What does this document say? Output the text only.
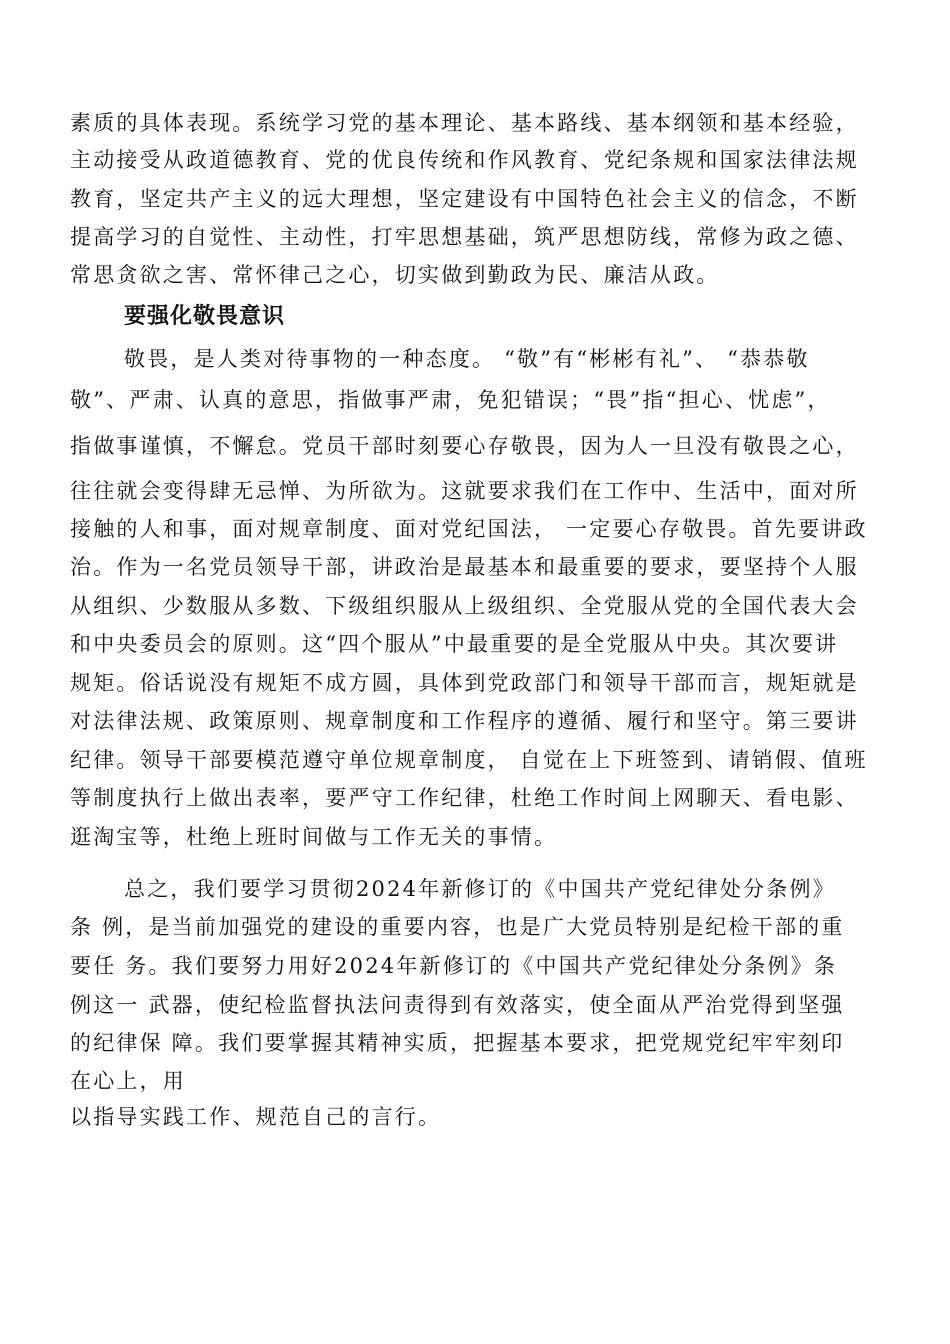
素质的具体表现。系统学习党的基本理论、基本路线、基本纲领和基本经验，
主动接受从政道德教育、党的优良传统和作风教育、党纪条规和国家法律法规
教育，坚定共产主义的远大理想，坚定建设有中国特色社会主义的信念，不断
提高学习的自觉性、主动性，打牢思想基础，筑严思想防线，常修为政之德、
常思贪欲之害、常怀律己之心，切实做到勤政为民、廉洁从政。
要强化敬畏意识
敬畏，是人类对待事物的一种态度。 “敬”有“彬彬有礼”、 “恭恭敬
敬”、严肃、认真的意思，指做事严肃，免犯错误；“畏”指“担心、忧虑”，
指做事谨慎，不懈怠。党员干部时刻要心存敬畏，因为人一旦没有敬畏之心，
往往就会变得肆无忌惮、为所欲为。这就要求我们在工作中、生活中，面对所
接触的人和事，面对规章制度、面对党纪国法， 一定要心存敬畏。首先要讲政
治。作为一名党员领导干部，讲政治是最基本和最重要的要求，要坚持个人服
从组织、少数服从多数、下级组织服从上级组织、全党服从党的全国代表大会
和中央委员会的原则。这“四个服从”中最重要的是全党服从中央。其次要讲
规矩。俗话说没有规矩不成方圆，具体到党政部门和领导干部而言，规矩就是
对法律法规、政策原则、规章制度和工作程序的遵循、履行和坚守。第三要讲
纪律。领导干部要模范遵守单位规章制度， 自觉在上下班签到、请销假、值班
等制度执行上做出表率，要严守工作纪律，杜绝工作时间上网聊天、看电影、
逛淘宝等，杜绝上班时间做与工作无关的事情。
总之，我们要学习贯彻2024年新修订的《中国共产党纪律处分条例》
条 例，是当前加强党的建设的重要内容，也是广大党员特别是纪检干部的重
要任 务。我们要努力用好2024年新修订的《中国共产党纪律处分条例》条
例这一 武器，使纪检监督执法问责得到有效落实，使全面从严治党得到坚强
的纪律保 障。我们要掌握其精神实质，把握基本要求，把党规党纪牢牢刻印
在心上，用
以指导实践工作、规范自己的言行。
